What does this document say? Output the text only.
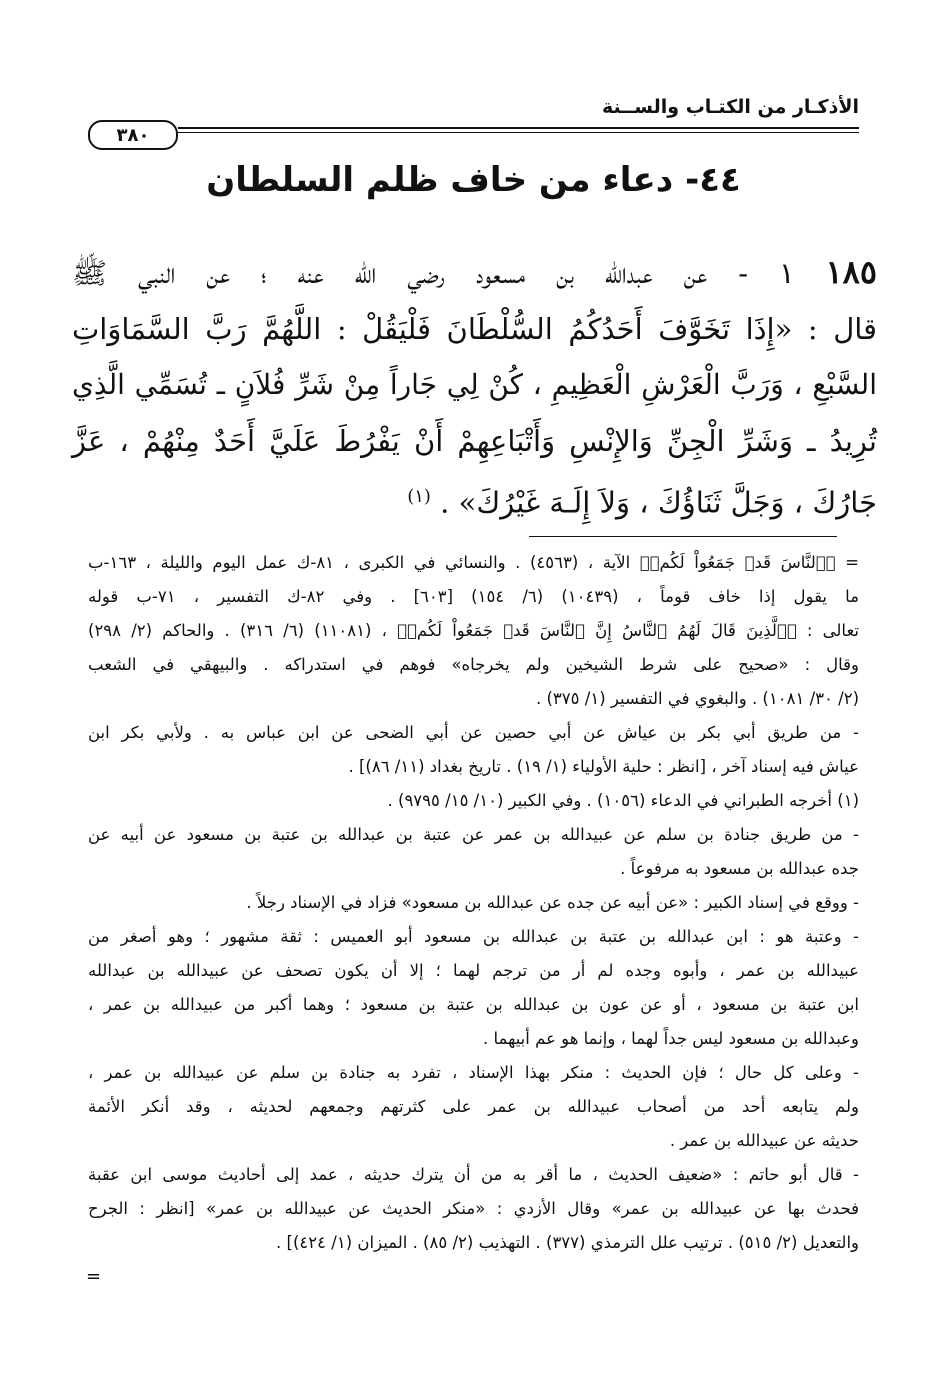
الأذكـار من الكتـاب والســنة
٣٨٠
٤٤- دعاء من خاف ظلم السلطان
١٨٥ ١ - عن عبدالله بن مسعود رضي الله عنه ؛ عن النبي ﷺ
قال : «إِذَا تَخَوَّفَ أَحَدُكُمُ السُّلْطَانَ فَلْيَقُلْ : اللَّهُمَّ رَبَّ السَّمَاوَاتِ
السَّبْعِ ، وَرَبَّ الْعَرْشِ الْعَظِيمِ ، كُنْ لِي جَاراً مِنْ شَرِّ فُلاَنٍ ـ تُسَمِّي الَّذِي
تُرِيدُ ـ وَشَرِّ الْجِنِّ وَالإِنْسِ وَأَتْبَاعِهِمْ أَنْ يَفْرُطَ عَلَيَّ أَحَدٌ مِنْهُمْ ، عَزَّ
جَارُكَ ، وَجَلَّ ثَنَاؤُكَ ، وَلاَ إِلَـهَ غَيْرُكَ» . $^{(١)}$
= ﴿ٱلنَّاسَ قَدۡ جَمَعُواْ لَكُمۡ﴾ الآية ، (٤٥٦٣) . والنسائي في الكبرى ، ٨١-ك عمل اليوم والليلة ، ١٦٣-ب
ما يقول إذا خاف قوماً ، (١٠٤٣٩) (٦/ ١٥٤) [٦٠٣] . وفي ٨٢-ك التفسير ، ٧١-ب قوله
تعالى : ﴿ٱلَّذِينَ قَالَ لَهُمُ ٱلنَّاسُ إِنَّ ٱلنَّاسَ قَدۡ جَمَعُواْ لَكُمۡ﴾ ، (١١٠٨١) (٦/ ٣١٦) . والحاكم (٢/ ٢٩٨)
وقال : «صحيح على شرط الشيخين ولم يخرجاه» فوهم في استدراكه . والبيهقي في الشعب
(٢/ ٣٠/ ١٠٨١) . والبغوي في التفسير (١/ ٣٧٥) .
- من طريق أبي بكر بن عياش عن أبي حصين عن أبي الضحى عن ابن عباس به . ولأبي بكر ابن
عياش فيه إسناد آخر ، [انظر : حلية الأولياء (١/ ١٩) . تاريخ بغداد (١١/ ٨٦)] .
(١) أخرجه الطبراني في الدعاء (١٠٥٦) . وفي الكبير (١٠/ ١٥/ ٩٧٩٥) .
- من طريق جنادة بن سلم عن عبيدالله بن عمر عن عتبة بن عبدالله بن عتبة بن مسعود عن أبيه عن
جده عبدالله بن مسعود به مرفوعاً .
- ووقع في إسناد الكبير : «عن أبيه عن جده عن عبدالله بن مسعود» فزاد في الإسناد رجلاً .
- وعتبة هو : ابن عبدالله بن عتبة بن عبدالله بن مسعود أبو العميس : ثقة مشهور ؛ وهو أصغر من
عبيدالله بن عمر ، وأبوه وجده لم أر من ترجم لهما ؛ إلا أن يكون تصحف عن عبيدالله بن عبدالله
ابن عتبة بن مسعود ، أو عن عون بن عبدالله بن عتبة بن مسعود ؛ وهما أكبر من عبيدالله بن عمر ،
وعبدالله بن مسعود ليس جداً لهما ، وإنما هو عم أبيهما .
- وعلى كل حال ؛ فإن الحديث : منكر بهذا الإسناد ، تفرد به جنادة بن سلم عن عبيدالله بن عمر ،
ولم يتابعه أحد من أصحاب عبيدالله بن عمر على كثرتهم وجمعهم لحديثه ، وقد أنكر الأئمة
حديثه عن عبيدالله بن عمر .
- قال أبو حاتم : «ضعيف الحديث ، ما أقر به من أن يترك حديثه ، عمد إلى أحاديث موسى ابن عقبة
فحدث بها عن عبيدالله بن عمر» وقال الأزدي : «منكر الحديث عن عبيدالله بن عمر» [انظر : الجرح
والتعديل (٢/ ٥١٥) . ترتيب علل الترمذي (٣٧٧) . التهذيب (٢/ ٨٥) . الميزان (١/ ٤٢٤)] .
=
